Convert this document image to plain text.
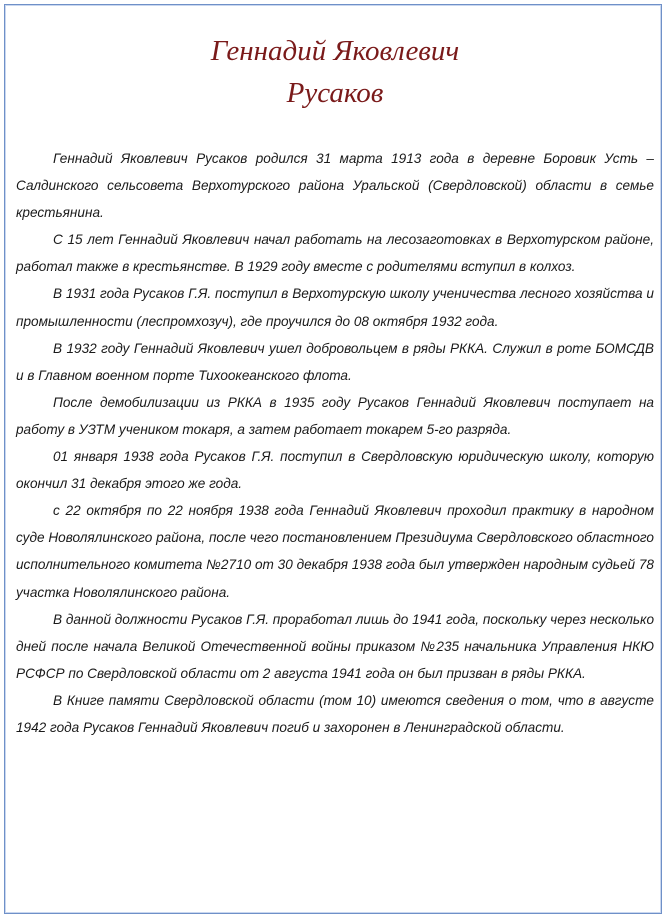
Геннадий Яковлевич
Русаков

Геннадий Яковлевич Русаков родился 31 марта 1913 года в деревне Боровик Усть – Салдинского сельсовета Верхотурского района Уральской (Свердловской) области в семье крестьянина.

С 15 лет Геннадий Яковлевич начал работать на лесозаготовках в Верхотурском районе, работал также в крестьянстве. В 1929 году вместе с родителями вступил в колхоз.

В 1931 года Русаков Г.Я. поступил в Верхотурскую школу ученичества лесного хозяйства и промышленности (леспромхозуч), где проучился до 08 октября 1932 года.

В 1932 году Геннадий Яковлевич ушел добровольцем в ряды РККА. Служил в роте БОМСДВ и в Главном военном порте Тихоокеанского флота.

После демобилизации из РККА в 1935 году Русаков Геннадий Яковлевич поступает на работу в УЗТМ учеником токаря, а затем работает токарем 5-го разряда.

01 января 1938 года Русаков Г.Я. поступил в Свердловскую юридическую школу, которую окончил 31 декабря этого же года.

с 22 октября по 22 ноября 1938 года Геннадий Яковлевич проходил практику в народном суде Новолялинского района, после чего постановлением Президиума Свердловского областного исполнительного комитета №2710 от 30 декабря 1938 года был утвержден народным судьей 78 участка Новолялинского района.

В данной должности Русаков Г.Я. проработал лишь до 1941 года, поскольку через несколько дней после начала Великой Отечественной войны приказом №235 начальника Управления НКЮ РСФСР по Свердловской области от 2 августа 1941 года он был призван в ряды РККА.

В Книге памяти Свердловской области (том 10) имеются сведения о том, что в августе 1942 года Русаков Геннадий Яковлевич погиб и захоронен в Ленинградской области.
